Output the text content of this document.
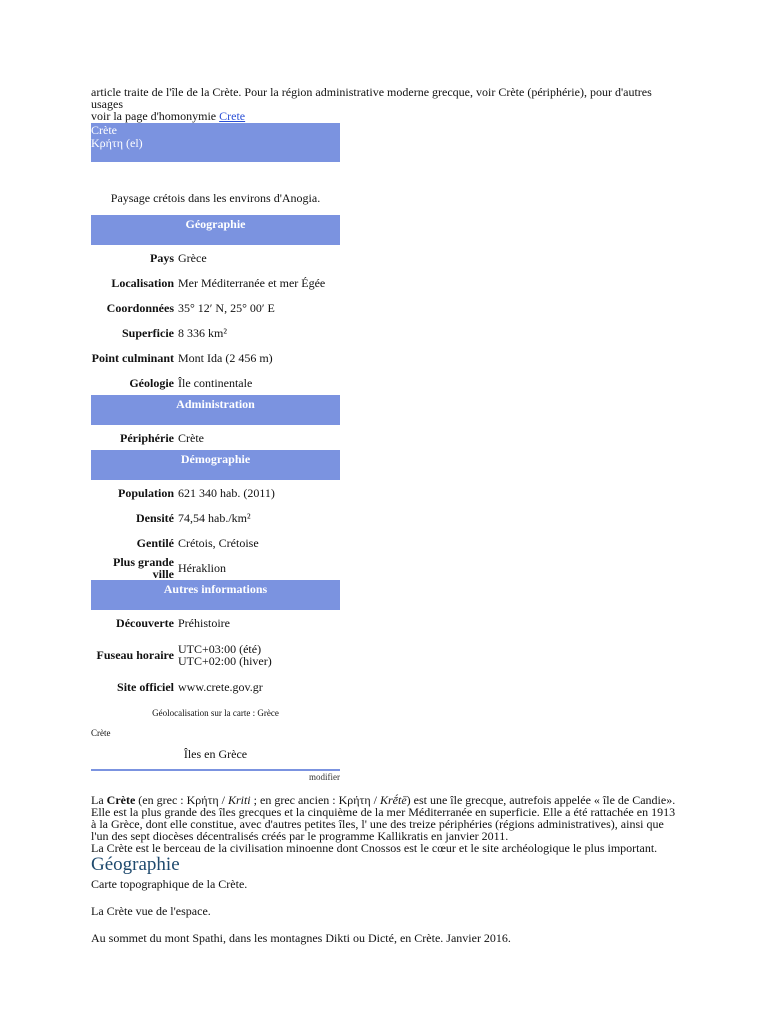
article traite de l'île de la Crète. Pour la région administrative moderne grecque, voir Crète (périphérie), pour d'autres usages
voir la page d'homonymie Crete
Crète
Κρήτη (el)
Paysage crétois dans les environs d'Anogia.
Géographie
Pays Grèce
Localisation Mer Méditerranée et mer Égée
Coordonnées 35° 12′ N, 25° 00′ E
Superficie 8 336 km²
Point culminant Mont Ida (2 456 m)
Géologie Île continentale
Administration
Périphérie Crète
Démographie
Population 621 340 hab. (2011)
Densité 74,54 hab./km²
Gentilé Crétois, Crétoise
Plus grande ville Héraklion
Autres informations
Découverte Préhistoire
Fuseau horaire UTC+03:00 (été)
UTC+02:00 (hiver)
Site officiel www.crete.gov.gr
Géolocalisation sur la carte : Grèce
Crète
Îles en Grèce
modifier
La Crète (en grec : Κρήτη / Kriti ; en grec ancien : Κρήτη / Krḗtē) est une île grecque, autrefois appelée « île de Candie».
Elle est la plus grande des îles grecques et la cinquième de la mer Méditerranée en superficie. Elle a été rattachée en 1913 à la Grèce, dont elle constitue, avec d'autres petites îles, l' une des treize périphéries (régions administratives), ainsi que l'un des sept diocèses décentralisés créés par le programme Kallikratis en janvier 2011.
La Crète est le berceau de la civilisation minoenne dont Cnossos est le cœur et le site archéologique le plus important.
Géographie
Carte topographique de la Crète.
La Crète vue de l'espace.
Au sommet du mont Spathi, dans les montagnes Dikti ou Dicté, en Crète. Janvier 2016.
